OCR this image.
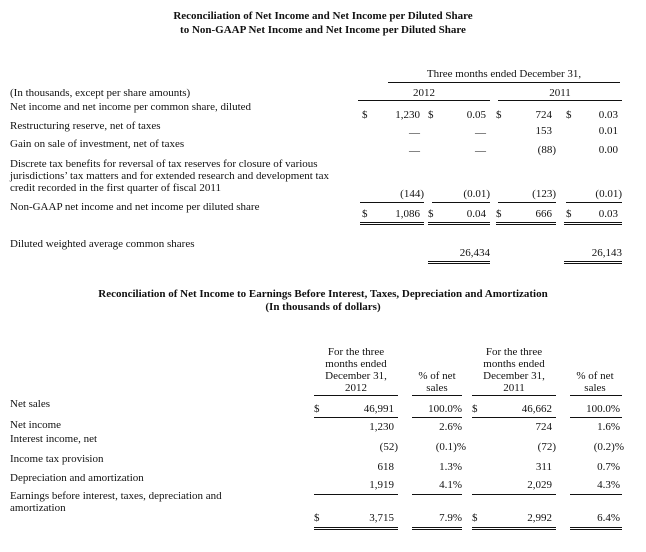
Reconciliation of Net Income and Net Income per Diluted Share
to Non-GAAP Net Income and Net Income per Diluted Share
Three months ended December 31,
2012	2011
(In thousands, except per share amounts)
Net income and net income per common share, diluted
$	1,230 $	0.05 $	724 $	0.03
Restructuring reserve, net of taxes
—	—	153	0.01
Gain on sale of investment, net of taxes
—	—	(88)	0.00
Discrete tax benefits for reversal of tax reserves for closure of various jurisdictions’ tax matters and for extended research and development tax credit recorded in the first quarter of fiscal 2011	(144)	(0.01)	(123)	(0.01)
Non-GAAP net income and net income per diluted share
$	1,086 $	0.04 $	666 $	0.03
Diluted weighted average common shares
26,434	26,143
Reconciliation of Net Income to Earnings Before Interest, Taxes, Depreciation and Amortization
(In thousands of dollars)
For the three months ended December 31, 2012
% of net sales
For the three months ended December 31, 2011
% of net sales
Net sales	$	46,991	100.0% $	46,662	100.0%
Net income	1,230	2.6%	724	1.6%
Interest income, net
(52)	(0.1)%	(72)	(0.2)%
Income tax provision
618	1.3%	311	0.7%
Depreciation and amortization
1,919	4.1%	2,029	4.3%
Earnings before interest, taxes, depreciation and amortization
$	3,715	7.9% $	2,992	6.4%
